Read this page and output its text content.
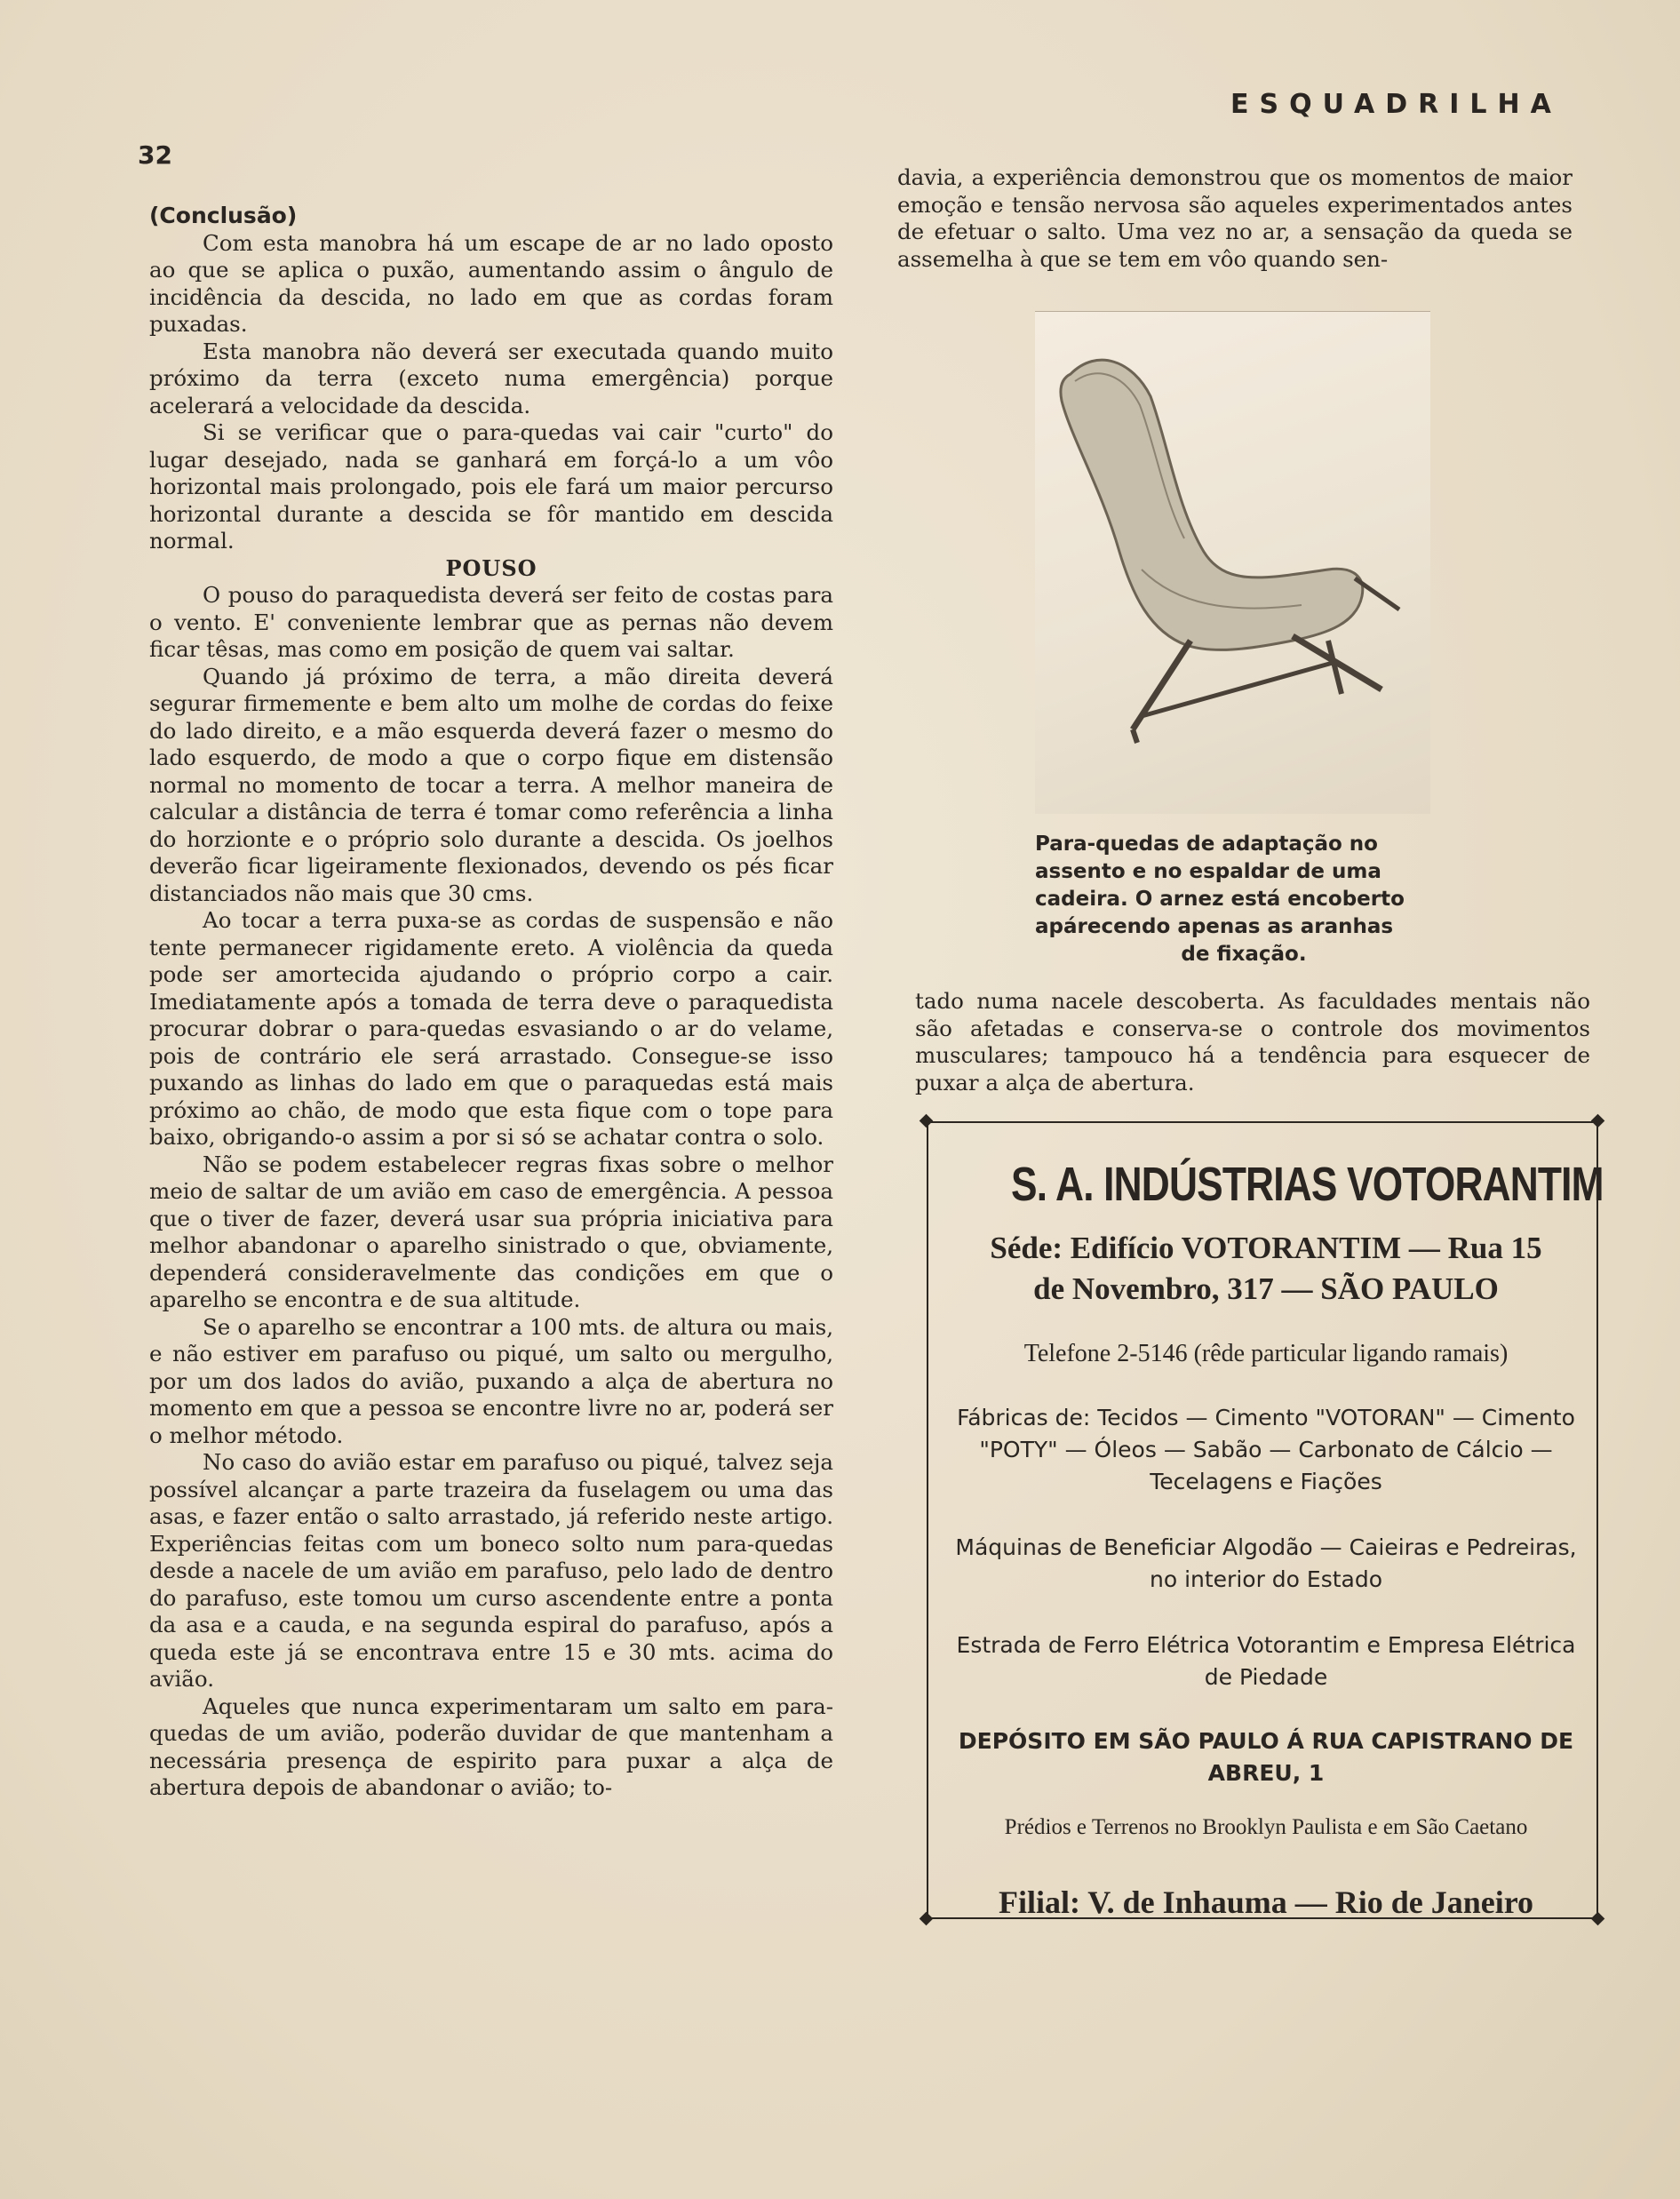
32
ESQUADRILHA

(Conclusão)

Com esta manobra há um escape de ar no lado oposto ao que se aplica o puxão, aumentando assim o ângulo de incidência da descida, no lado em que as cordas foram puxadas.

Esta manobra não deverá ser executada quando muito próximo da terra (exceto numa emergência) porque acelerará a velocidade da descida.

Si se verificar que o para-quedas vai cair "curto" do lugar desejado, nada se ganhará em forçá-lo a um vôo horizontal mais prolongado, pois ele fará um maior percurso horizontal durante a descida se fôr mantido em descida normal.

POUSO

O pouso do paraquedista deverá ser feito de costas para o vento. E' conveniente lembrar que as pernas não devem ficar têsas, mas como em posição de quem vai saltar.

Quando já próximo de terra, a mão direita deverá segurar firmemente e bem alto um molhe de cordas do feixe do lado direito, e a mão esquerda deverá fazer o mesmo do lado esquerdo, de modo a que o corpo fique em distensão normal no momento de tocar a terra. A melhor maneira de calcular a distância de terra é tomar como referência a linha do horzionte e o próprio solo durante a descida. Os joelhos deverão ficar ligeiramente flexionados, devendo os pés ficar distanciados não mais que 30 cms.

Ao tocar a terra puxa-se as cordas de suspensão e não tente permanecer rigidamente ereto. A violência da queda pode ser amortecida ajudando o próprio corpo a cair. Imediatamente após a tomada de terra deve o paraquedista procurar dobrar o para-quedas esvasiando o ar do velame, pois de contrário ele será arrastado. Consegue-se isso puxando as linhas do lado em que o paraquedas está mais próximo ao chão, de modo que esta fique com o tope para baixo, obrigando-o assim a por si só se achatar contra o solo.

Não se podem estabelecer regras fixas sobre o melhor meio de saltar de um avião em caso de emergência. A pessoa que o tiver de fazer, deverá usar sua própria iniciativa para melhor abandonar o aparelho sinistrado o que, obviamente, dependerá consideravelmente das condições em que o aparelho se encontra e de sua altitude.

Se o aparelho se encontrar a 100 mts. de altura ou mais, e não estiver em parafuso ou piqué, um salto ou mergulho, por um dos lados do avião, puxando a alça de abertura no momento em que a pessoa se encontre livre no ar, poderá ser o melhor método.

No caso do avião estar em parafuso ou piqué, talvez seja possível alcançar a parte trazeira da fuselagem ou uma das asas, e fazer então o salto arrastado, já referido neste artigo. Experiências feitas com um boneco solto num para-quedas desde a nacele de um avião em parafuso, pelo lado de dentro do parafuso, este tomou um curso ascendente entre a ponta da asa e a cauda, e na segunda espiral do parafuso, após a queda este já se encontrava entre 15 e 30 mts. acima do avião.

Aqueles que nunca experimentaram um salto em para-quedas de um avião, poderão duvidar de que mantenham a necessária presença de espirito para puxar a alça de abertura depois de abandonar o avião; to-

davia, a experiência demonstrou que os momentos de maior emoção e tensão nervosa são aqueles experimentados antes de efetuar o salto. Uma vez no ar, a sensação da queda se assemelha à que se tem em vôo quando sen-

Para-quedas de adaptação no assento e no espaldar de uma cadeira. O arnez está encoberto apárecendo apenas as aranhas
de fixação.

tado numa nacele descoberta. As faculdades mentais não são afetadas e conserva-se o controle dos movimentos musculares; tampouco há a tendência para esquecer de puxar a alça de abertura.

S. A. INDÚSTRIAS VOTORANTIM
Séde: Edifício VOTORANTIM — Rua 15
de Novembro, 317 — SÃO PAULO
Telefone 2-5146 (rêde particular ligando ramais)
Fábricas de: Tecidos — Cimento "VOTORAN" — Cimento "POTY" — Óleos — Sabão — Carbonato de Cálcio — Tecelagens e Fiações
Máquinas de Beneficiar Algodão — Caieiras e Pedreiras, no interior do Estado
Estrada de Ferro Elétrica Votorantim e Empresa Elétrica de Piedade
DEPÓSITO EM SÃO PAULO Á RUA CAPISTRANO DE ABREU, 1
Prédios e Terrenos no Brooklyn Paulista e em São Caetano
Filial: V. de Inhauma — Rio de Janeiro
